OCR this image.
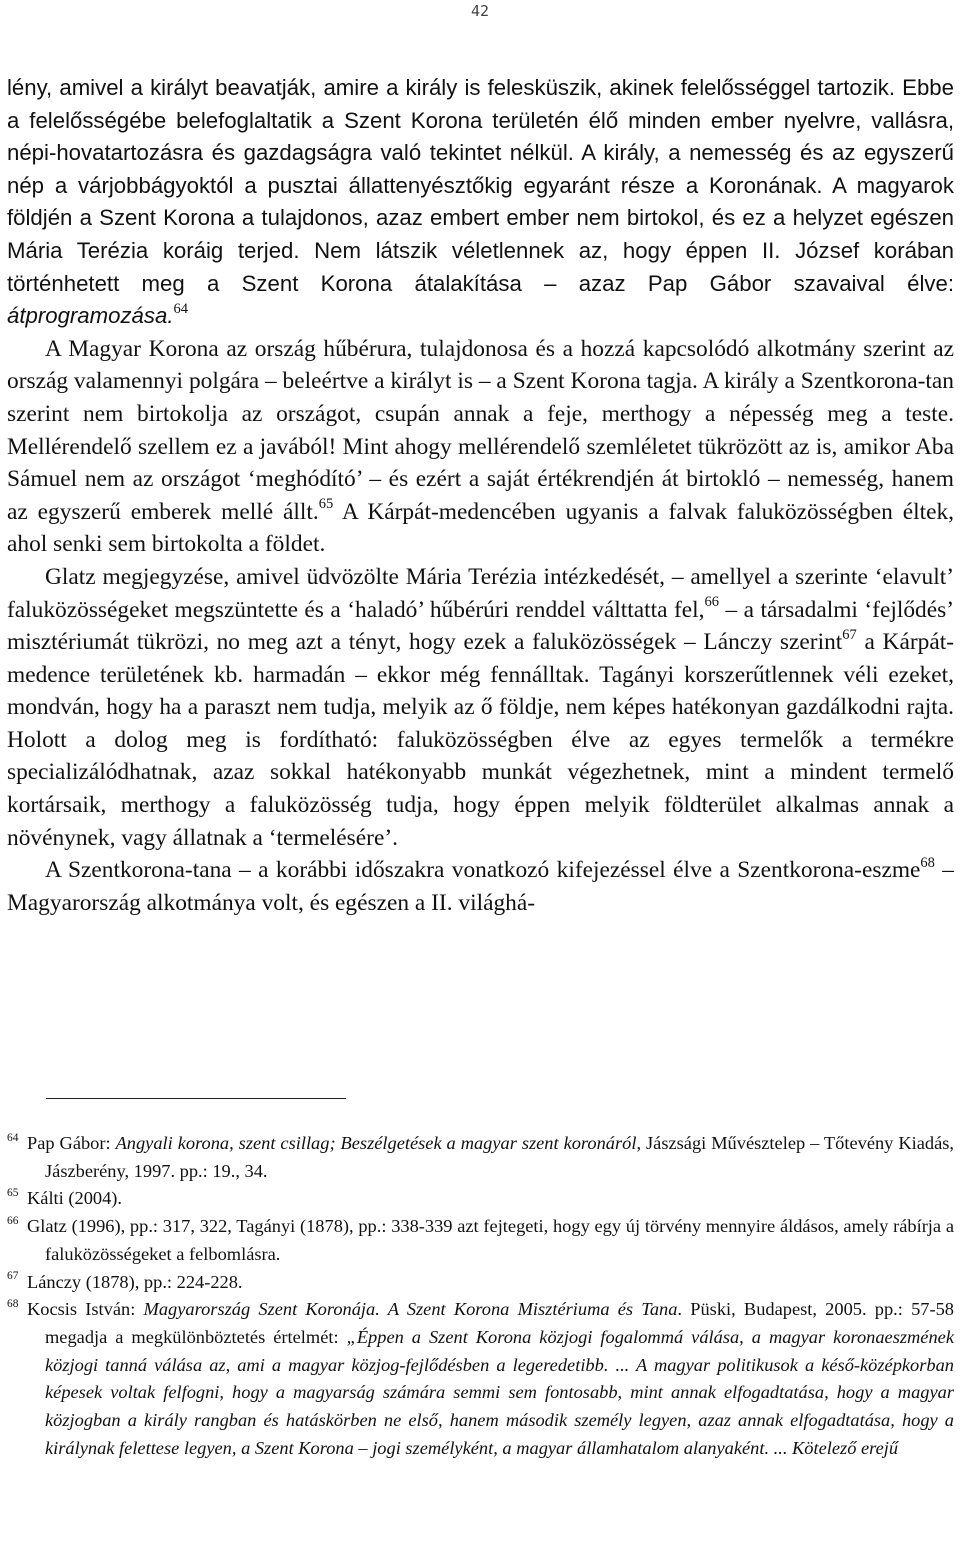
42

lény, amivel a királyt beavatják, amire a király is felesküszik, akinek felelősséggel tartozik. Ebbe a felelősségébe belefoglaltatik a Szent Korona területén élő minden ember nyelvre, vallásra, népi-hovatartozásra és gazdagságra való tekintet nélkül. A király, a nemesség és az egyszerű nép a várjobbágyoktól a pusztai állattenyésztőkig egyaránt része a Koronának. A magyarok földjén a Szent Korona a tulajdonos, azaz embert ember nem birtokol, és ez a helyzet egészen Mária Terézia koráig terjed. Nem látszik véletlennek az, hogy éppen II. József korában történhetett meg a Szent Korona átalakítása – azaz Pap Gábor szavaival élve: átprogramozása.$^{64}$

A Magyar Korona az ország hűbérura, tulajdonosa és a hozzá kapcsolódó alkotmány szerint az ország valamennyi polgára – beleértve a királyt is – a Szent Korona tagja. A király a Szentkorona-tan szerint nem birtokolja az országot, csupán annak a feje, merthogy a népesség meg a teste. Mellérendelő szellem ez a javából! Mint ahogy mellérendelő szemléletet tükrözött az is, amikor Aba Sámuel nem az országot ‘meghódító’ – és ezért a saját értékrendjén át birtokló – nemesség, hanem az egyszerű emberek mellé állt.$^{65}$ A Kárpát-medencében ugyanis a falvak faluközösségben éltek, ahol senki sem birtokolta a földet.

Glatz megjegyzése, amivel üdvözölte Mária Terézia intézkedését, – amellyel a szerinte ‘elavult’ faluközösségeket megszüntette és a ‘haladó’ hűbérúri renddel válttatta fel,$^{66}$ – a társadalmi ‘fejlődés’ misztériumát tükrözi, no meg azt a tényt, hogy ezek a faluközösségek – Lánczy szerint$^{67}$ a Kárpát-medence területének kb. harmadán – ekkor még fennálltak. Tagányi korszerűtlennek véli ezeket, mondván, hogy ha a paraszt nem tudja, melyik az ő földje, nem képes hatékonyan gazdálkodni rajta. Holott a dolog meg is fordítható: faluközösségben élve az egyes termelők a termékre specializálódhatnak, azaz sokkal hatékonyabb munkát végezhetnek, mint a mindent termelő kortársaik, merthogy a faluközösség tudja, hogy éppen melyik földterület alkalmas annak a növénynek, vagy állatnak a ‘termelésére’.

A Szentkorona-tana – a korábbi időszakra vonatkozó kifejezéssel élve a Szentkorona-eszme$^{68}$ – Magyarország alkotmánya volt, és egészen a II. világhá-

$^{64}$ Pap Gábor: Angyali korona, szent csillag; Beszélgetések a magyar szent koronáról, Jászsági Művésztelep – Tőtevény Kiadás, Jászberény, 1997. pp.: 19., 34.

$^{65}$ Kálti (2004).

$^{66}$ Glatz (1996), pp.: 317, 322, Tagányi (1878), pp.: 338-339 azt fejtegeti, hogy egy új törvény mennyire áldásos, amely rábírja a faluközösségeket a felbomlásra.

$^{67}$ Lánczy (1878), pp.: 224-228.

$^{68}$ Kocsis István: Magyarország Szent Koronája. A Szent Korona Misztériuma és Tana. Püski, Budapest, 2005. pp.: 57-58 megadja a megkülönböztetés értelmét: „Éppen a Szent Korona közjogi fogalommá válása, a magyar koronaeszmének közjogi tanná válása az, ami a magyar közjog-fejlődésben a legeredetibb. ... A magyar politikusok a késő-középkorban képesek voltak felfogni, hogy a magyarság számára semmi sem fontosabb, mint annak elfogadtatása, hogy a magyar közjogban a király rangban és hatáskörben ne első, hanem második személy legyen, azaz annak elfogadtatása, hogy a királynak felettese legyen, a Szent Korona – jogi személyként, a magyar államhatalom alanyaként. ... Kötelező erejű
